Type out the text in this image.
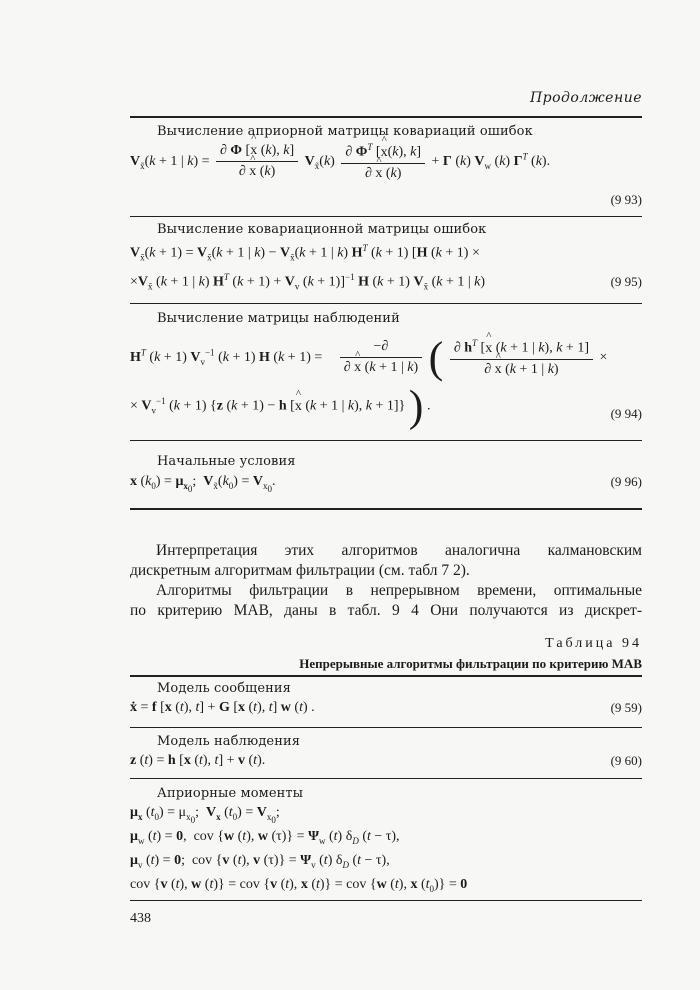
Продолжение
Вычисление априорной матрицы ковариаций ошибок
$V_{x̃}(k + 1$ | $k) = \frac{\partial \Phi [\^{} x (k), k]}{\partial \^{} x (k)} V_{x̃}(k) \frac{\partial \Phi^T [\^{} x(k), k]}{\partial \^{} x (k)} + \Gamma$ (k) $V_w$ (k) $\Gamma^T$ (k).
(9 93)
Вычисление ковариационной матрицы ошибок
$V_{x̃}(k + 1) = V_{x̃}(k + 1$ | $k) - V_{x̃}(k + 1$ | k) $H^T$ (k + 1) [H (k + 1) ×
$\times V_{x̃}$ (k + 1 | k) $H^T$ $(k + 1) + V_v$ (k + 1)]$^{-1}$ H (k + 1) $V_{x̃}$ (k + 1 | k)	(9 95)
Вычисление матрицы наблюдений
$H^T$ (k + 1) $V_v^{-1}$ (k + 1) H $(k + 1) = \frac{-\partial}{\partial \^{} x (k + 1 | k)}$ ( $\frac{\partial h^T [\^{} x (k + 1 | k), k + 1]}{\partial \^{} x (k + 1 | k)}$ ×
× $V_v^{-1}$ (k + 1) {z (k + 1) − h [^ x (k + 1 | k), k + 1]} ) .	(9 94)
Начальные условия
x $(k_0) = \mu_{x_0}$;  $V_{x̃}(k_0) = V_{x_0}$.	(9 96)
Интерпретация этих алгоритмов аналогична калмановским
дискретным алгоритмам фильтрации (см. табл 7 2).
Алгоритмы фильтрации в непрерывном времени, оптимальные
по критерию МАВ, даны в табл. 9 4 Они получаются из дискрет-
Таблица 94
Непрерывные алгоритмы фильтрации по критерию МАВ
Модель сообщения
ẋ = f [x (t), t] + G [x (t), t] w (t) .	(9 59)
Модель наблюдения
z (t) = h [x (t), t] + v (t).	(9 60)
Априорные моменты
$\mu_x$ $(t_0) = \mu_{x_0}$;  $V_x$ $(t_0) = V_{x_0}$;
$\mu_w$ (t) = 0,  cov {w (t), w $(\tau)\} = \Psi_w$ (t) $\delta_D$ (t − τ),
$\mu_v$ (t) = 0;  cov {v (t), v $(\tau)\} = \Psi_v$ (t) $\delta_D$ (t − τ),
cov {v (t), w (t)} = cov {v (t), x (t)} = cov {w (t), x $(t_0)\} = 0$
438
